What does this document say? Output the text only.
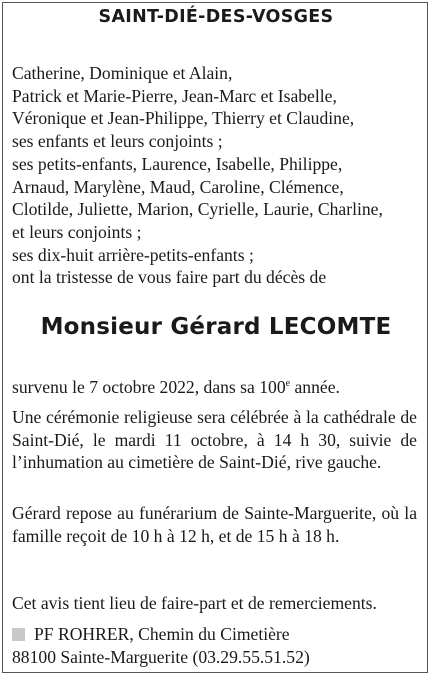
SAINT-DIÉ-DES-VOSGES
Catherine, Dominique et Alain,
Patrick et Marie-Pierre, Jean-Marc et Isabelle,
Véronique et Jean-Philippe, Thierry et Claudine,
ses enfants et leurs conjoints ;
ses petits-enfants, Laurence, Isabelle, Philippe,
Arnaud, Marylène, Maud, Caroline, Clémence,
Clotilde, Juliette, Marion, Cyrielle, Laurie, Charline,
et leurs conjoints ;
ses dix-huit arrière-petits-enfants ;
ont la tristesse de vous faire part du décès de
Monsieur Gérard LECOMTE
survenu le 7 octobre 2022, dans sa 100e année.
Une cérémonie religieuse sera célébrée à la cathédrale de Saint-Dié, le mardi 11 octobre, à 14 h 30, suivie de l’inhumation au cimetière de Saint-Dié, rive gauche.
Gérard repose au funérarium de Sainte-Marguerite, où la famille reçoit de 10 h à 12 h, et de 15 h à 18 h.
Cet avis tient lieu de faire-part et de remerciements.
PF ROHRER, Chemin du Cimetière
88100 Sainte-Marguerite (03.29.55.51.52)
